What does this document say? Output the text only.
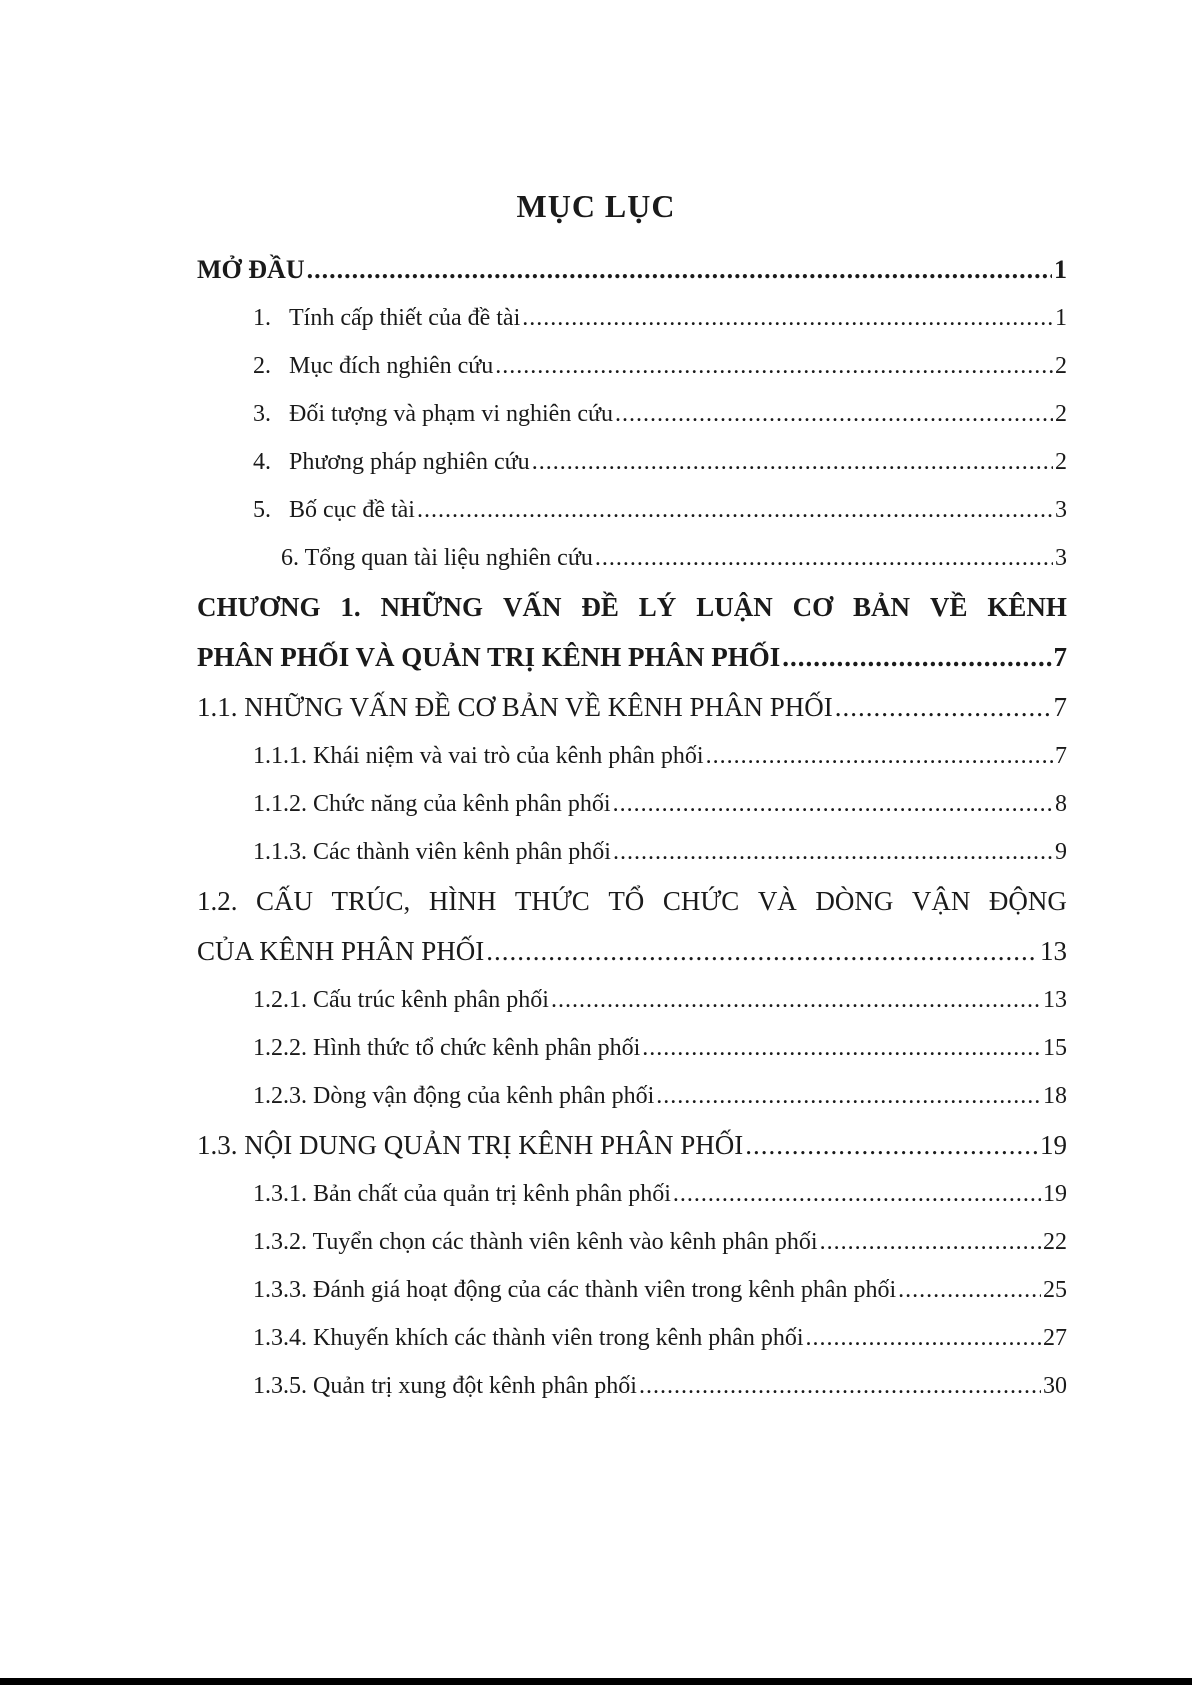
MỤC LỤC
MỞ ĐẦU .....	1
1. Tính cấp thiết của đề tài .....	1
2. Mục đích nghiên cứu .....	2
3. Đối tượng và phạm vi nghiên cứu .....	2
4. Phương pháp nghiên cứu .....	2
5. Bố cục đề tài .....	3
6. Tổng quan tài liệu nghiên cứu .....	3
CHƯƠNG 1. NHỮNG VẤN ĐỀ LÝ LUẬN CƠ BẢN VỀ KÊNH
PHÂN PHỐI VÀ QUẢN TRỊ KÊNH PHÂN PHỐI .....	7
1.1. NHỮNG VẤN ĐỀ CƠ BẢN VỀ KÊNH PHÂN PHỐI .....	7
1.1.1. Khái niệm và vai trò của kênh phân phối .....	7
1.1.2. Chức năng của kênh phân phối .....	8
1.1.3. Các thành viên kênh phân phối .....	9
1.2. CẤU TRÚC, HÌNH THỨC TỔ CHỨC VÀ DÒNG VẬN ĐỘNG
CỦA KÊNH PHÂN PHỐI .....	13
1.2.1. Cấu trúc kênh phân phối .....	13
1.2.2. Hình thức tổ chức kênh phân phối .....	15
1.2.3. Dòng vận động của kênh phân phối .....	18
1.3. NỘI DUNG QUẢN TRỊ KÊNH PHÂN PHỐI .....	19
1.3.1. Bản chất của quản trị kênh phân phối .....	19
1.3.2. Tuyển chọn các thành viên kênh vào kênh phân phối .....	22
1.3.3. Đánh giá hoạt động của các thành viên trong kênh phân phối .....	25
1.3.4. Khuyến khích các thành viên trong kênh phân phối .....	27
1.3.5. Quản trị xung đột kênh phân phối .....	30
